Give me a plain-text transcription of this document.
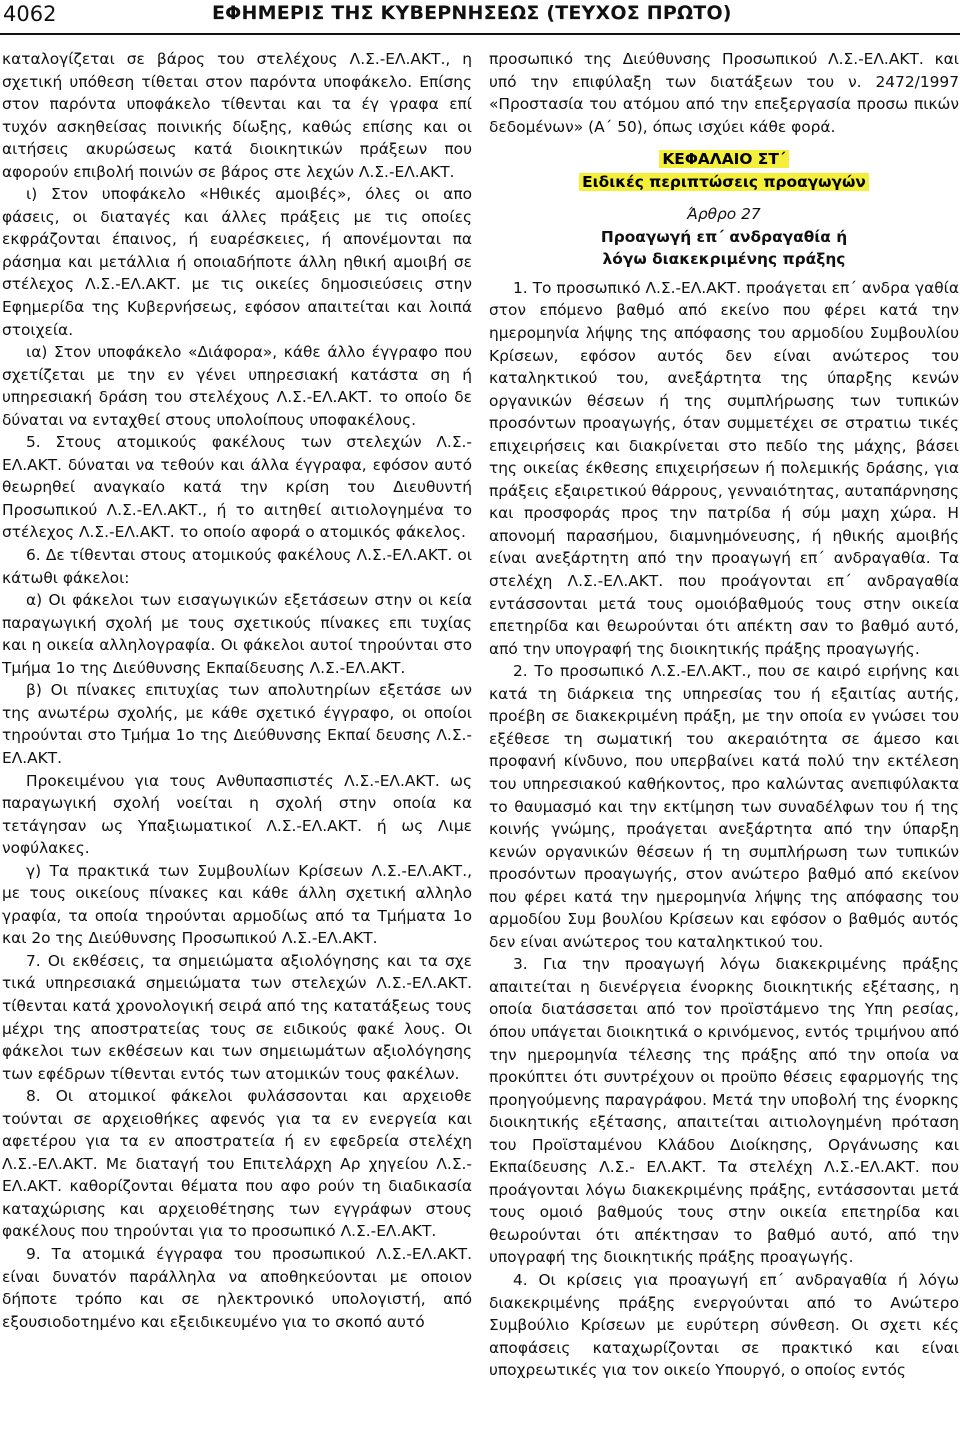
4062	ΕΦΗΜΕΡΙΣ ΤΗΣ ΚΥΒΕΡΝΗΣΕΩΣ (ΤΕΥΧΟΣ ΠΡΩΤΟ)

καταλογίζεται σε βάρος του στελέχους Λ.Σ.-ΕΛ.ΑΚΤ., η σχετική υπόθεση τίθεται στον παρόντα υποφάκελο. Επίσης στον παρόντα υποφάκελο τίθενται και τα έγ γραφα επί τυχόν ασκηθείσας ποινικής δίωξης, καθώς επίσης και οι αιτήσεις ακυρώσεως κατά διοικητικών πράξεων που αφορούν επιβολή ποινών σε βάρος στε λεχών Λ.Σ.-ΕΛ.ΑΚΤ.

ι) Στον υποφάκελο «Ηθικές αμοιβές», όλες οι απο φάσεις, οι διαταγές και άλλες πράξεις με τις οποίες εκφράζονται έπαινος, ή ευαρέσκειες, ή απονέμονται πα ράσημα και μετάλλια ή οποιαδήποτε άλλη ηθική αμοιβή σε στέλεχος Λ.Σ.-ΕΛ.ΑΚΤ. με τις οικείες δημοσιεύσεις στην Εφημερίδα της Κυβερνήσεως, εφόσον απαιτείται και λοιπά στοιχεία.

ια) Στον υποφάκελο «Διάφορα», κάθε άλλο έγγραφο που σχετίζεται με την εν γένει υπηρεσιακή κατάστα ση ή υπηρεσιακή δράση του στελέχους Λ.Σ.-ΕΛ.ΑΚΤ. το οποίο δε δύναται να ενταχθεί στους υπολοίπους υποφακέλους.

5. Στους ατομικούς φακέλους των στελεχών Λ.Σ.- ΕΛ.ΑΚΤ. δύναται να τεθούν και άλλα έγγραφα, εφόσον αυτό θεωρηθεί αναγκαίο κατά την κρίση του Διευθυντή Προσωπικού Λ.Σ.-ΕΛ.ΑΚΤ., ή το αιτηθεί αιτιολογημένα το στέλεχος Λ.Σ.-ΕΛ.ΑΚΤ. το οποίο αφορά ο ατομικός φάκελος.

6. Δε τίθενται στους ατομικούς φακέλους Λ.Σ.-ΕΛ.ΑΚΤ. οι κάτωθι φάκελοι:

α) Οι φάκελοι των εισαγωγικών εξετάσεων στην οι κεία παραγωγική σχολή με τους σχετικούς πίνακες επι τυχίας και η οικεία αλληλογραφία. Οι φάκελοι αυτοί τηρούνται στο Τμήμα 1ο της Διεύθυνσης Εκπαίδευσης Λ.Σ.-ΕΛ.ΑΚΤ.

β) Οι πίνακες επιτυχίας των απολυτηρίων εξετάσε ων της ανωτέρω σχολής, με κάθε σχετικό έγγραφο, οι οποίοι τηρούνται στο Τμήμα 1ο της Διεύθυνσης Εκπαί δευσης Λ.Σ.-ΕΛ.ΑΚΤ.

Προκειμένου για τους Ανθυπασπιστές Λ.Σ.-ΕΛ.ΑΚΤ. ως παραγωγική σχολή νοείται η σχολή στην οποία κα τετάγησαν ως Υπαξιωματικοί Λ.Σ.-ΕΛ.ΑΚΤ. ή ως Λιμε νοφύλακες.

γ) Τα πρακτικά των Συμβουλίων Κρίσεων Λ.Σ.-ΕΛ.ΑΚΤ., με τους οικείους πίνακες και κάθε άλλη σχετική αλληλο γραφία, τα οποία τηρούνται αρμοδίως από τα Τμήματα 1ο και 2ο της Διεύθυνσης Προσωπικού Λ.Σ.-ΕΛ.ΑΚΤ.

7. Οι εκθέσεις, τα σημειώματα αξιολόγησης και τα σχε τικά υπηρεσιακά σημειώματα των στελεχών Λ.Σ.-ΕΛ.ΑΚΤ. τίθενται κατά χρονολογική σειρά από της κατατάξεως τους μέχρι της αποστρατείας τους σε ειδικούς φακέ λους. Οι φάκελοι των εκθέσεων και των σημειωμάτων αξιολόγησης των εφέδρων τίθενται εντός των ατομικών τους φακέλων.

8. Οι ατομικοί φάκελοι φυλάσσονται και αρχειοθε τούνται σε αρχειοθήκες αφενός για τα εν ενεργεία και αφετέρου για τα εν αποστρατεία ή εν εφεδρεία στελέχη Λ.Σ.-ΕΛ.ΑΚΤ. Με διαταγή του Επιτελάρχη Αρ χηγείου Λ.Σ.-ΕΛ.ΑΚΤ. καθορίζονται θέματα που αφο ρούν τη διαδικασία καταχώρισης και αρχειοθέτησης των εγγράφων στους φακέλους που τηρούνται για το προσωπικό Λ.Σ.-ΕΛ.ΑΚΤ.

9. Τα ατομικά έγγραφα του προσωπικού Λ.Σ.-ΕΛ.ΑΚΤ. είναι δυνατόν παράλληλα να αποθηκεύονται με οποιον δήποτε τρόπο και σε ηλεκτρονικό υπολογιστή, από εξουσιοδοτημένο και εξειδικευμένο για το σκοπό αυτό

προσωπικό της Διεύθυνσης Προσωπικού Λ.Σ.-ΕΛ.ΑΚΤ. και υπό την επιφύλαξη των διατάξεων του ν. 2472/1997 «Προστασία του ατόμου από την επεξεργασία προσω πικών δεδομένων» (Α΄ 50), όπως ισχύει κάθε φορά.

ΚΕΦΑΛΑΙΟ ΣΤ΄
Ειδικές περιπτώσεις προαγωγών
Άρθρο 27
Προαγωγή επ΄ ανδραγαθία ή
λόγω διακεκριμένης πράξης

1. Το προσωπικό Λ.Σ.-ΕΛ.ΑΚΤ. προάγεται επ΄ ανδρα γαθία στον επόμενο βαθμό από εκείνο που φέρει κατά την ημερομηνία λήψης της απόφασης του αρμοδίου Συμβουλίου Κρίσεων, εφόσον αυτός δεν είναι ανώτερος του καταληκτικού του, ανεξάρτητα της ύπαρξης κενών οργανικών θέσεων ή της συμπλήρωσης των τυπικών προσόντων προαγωγής, όταν συμμετέχει σε στρατιω τικές επιχειρήσεις και διακρίνεται στο πεδίο της μάχης, βάσει της οικείας έκθεσης επιχειρήσεων ή πολεμικής δράσης, για πράξεις εξαιρετικού θάρρους, γενναιότητας, αυταπάρνησης και προσφοράς προς την πατρίδα ή σύμ μαχη χώρα. Η απονομή παρασήμου, διαμνημόνευσης, ή ηθικής αμοιβής είναι ανεξάρτητη από την προαγωγή επ΄ ανδραγαθία. Τα στελέχη Λ.Σ.-ΕΛ.ΑΚΤ. που προάγονται επ΄ ανδραγαθία εντάσσονται μετά τους ομοιόβαθμούς τους στην οικεία επετηρίδα και θεωρούνται ότι απέκτη σαν το βαθμό αυτό, από την υπογραφή της διοικητικής πράξης προαγωγής.

2. Το προσωπικό Λ.Σ.-ΕΛ.ΑΚΤ., που σε καιρό ειρήνης και κατά τη διάρκεια της υπηρεσίας του ή εξαιτίας αυτής, προέβη σε διακεκριμένη πράξη, με την οποία εν γνώσει του εξέθεσε τη σωματική του ακεραιότητα σε άμεσο και προφανή κίνδυνο, που υπερβαίνει κατά πολύ την εκτέλεση του υπηρεσιακού καθήκοντος, προ καλώντας ανεπιφύλακτα το θαυμασμό και την εκτίμηση των συναδέλφων του ή της κοινής γνώμης, προάγεται ανεξάρτητα από την ύπαρξη κενών οργανικών θέσεων ή τη συμπλήρωση των τυπικών προσόντων προαγωγής, στον ανώτερο βαθμό από εκείνον που φέρει κατά την ημερομηνία λήψης της απόφασης του αρμοδίου Συμ βουλίου Κρίσεων και εφόσον ο βαθμός αυτός δεν είναι ανώτερος του καταληκτικού του.

3. Για την προαγωγή λόγω διακεκριμένης πράξης απαιτείται η διενέργεια ένορκης διοικητικής εξέτασης, η οποία διατάσσεται από τον προϊστάμενο της Υπη ρεσίας, όπου υπάγεται διοικητικά ο κρινόμενος, εντός τριμήνου από την ημερομηνία τέλεσης της πράξης από την οποία να προκύπτει ότι συντρέχουν οι προϋπο θέσεις εφαρμογής της προηγούμενης παραγράφου. Μετά την υποβολή της ένορκης διοικητικής εξέτασης, απαιτείται αιτιολογημένη πρόταση του Προϊσταμένου Κλάδου Διοίκησης, Οργάνωσης και Εκπαίδευσης Λ.Σ.- ΕΛ.ΑΚΤ. Τα στελέχη Λ.Σ.-ΕΛ.ΑΚΤ. που προάγονται λόγω διακεκριμένης πράξης, εντάσσονται μετά τους ομοιό βαθμούς τους στην οικεία επετηρίδα και θεωρούνται ότι απέκτησαν το βαθμό αυτό, από την υπογραφή της διοικητικής πράξης προαγωγής.

4. Οι κρίσεις για προαγωγή επ΄ ανδραγαθία ή λόγω διακεκριμένης πράξης ενεργούνται από το Ανώτερο Συμβούλιο Κρίσεων με ευρύτερη σύνθεση. Οι σχετι κές αποφάσεις καταχωρίζονται σε πρακτικό και είναι υποχρεωτικές για τον οικείο Υπουργό, ο οποίος εντός
